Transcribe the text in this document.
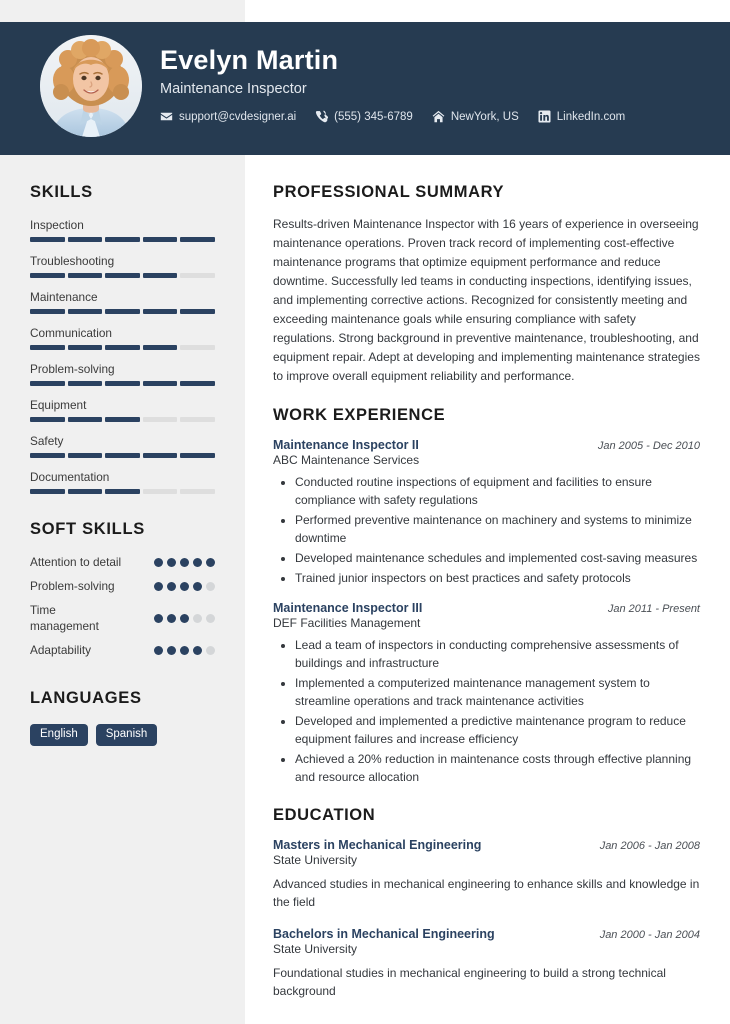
Evelyn Martin
Maintenance Inspector
support@cvdesigner.ai	(555) 345-6789	NewYork, US	LinkedIn.com
SKILLS
Inspection
Troubleshooting
Maintenance
Communication
Problem-solving
Equipment
Safety
Documentation
SOFT SKILLS
Attention to detail
Problem-solving
Time management
Adaptability
LANGUAGES
English	Spanish
PROFESSIONAL SUMMARY

Results-driven Maintenance Inspector with 16 years of experience in overseeing maintenance operations. Proven track record of implementing cost-effective maintenance programs that optimize equipment performance and reduce downtime. Successfully led teams in conducting inspections, identifying issues, and implementing corrective actions. Recognized for consistently meeting and exceeding maintenance goals while ensuring compliance with safety regulations. Strong background in preventive maintenance, troubleshooting, and equipment repair. Adept at developing and implementing maintenance strategies to improve overall equipment reliability and performance.

WORK EXPERIENCE
Maintenance Inspector II	Jan 2005 - Dec 2010
ABC Maintenance Services
• Conducted routine inspections of equipment and facilities to ensure compliance with safety regulations
• Performed preventive maintenance on machinery and systems to minimize downtime
• Developed maintenance schedules and implemented cost-saving measures
• Trained junior inspectors on best practices and safety protocols
Maintenance Inspector III	Jan 2011 - Present
DEF Facilities Management
• Lead a team of inspectors in conducting comprehensive assessments of buildings and infrastructure
• Implemented a computerized maintenance management system to streamline operations and track maintenance activities
• Developed and implemented a predictive maintenance program to reduce equipment failures and increase efficiency
• Achieved a 20% reduction in maintenance costs through effective planning and resource allocation
EDUCATION
Masters in Mechanical Engineering	Jan 2006 - Jan 2008
State University
Advanced studies in mechanical engineering to enhance skills and knowledge in the field
Bachelors in Mechanical Engineering	Jan 2000 - Jan 2004
State University
Foundational studies in mechanical engineering to build a strong technical background
